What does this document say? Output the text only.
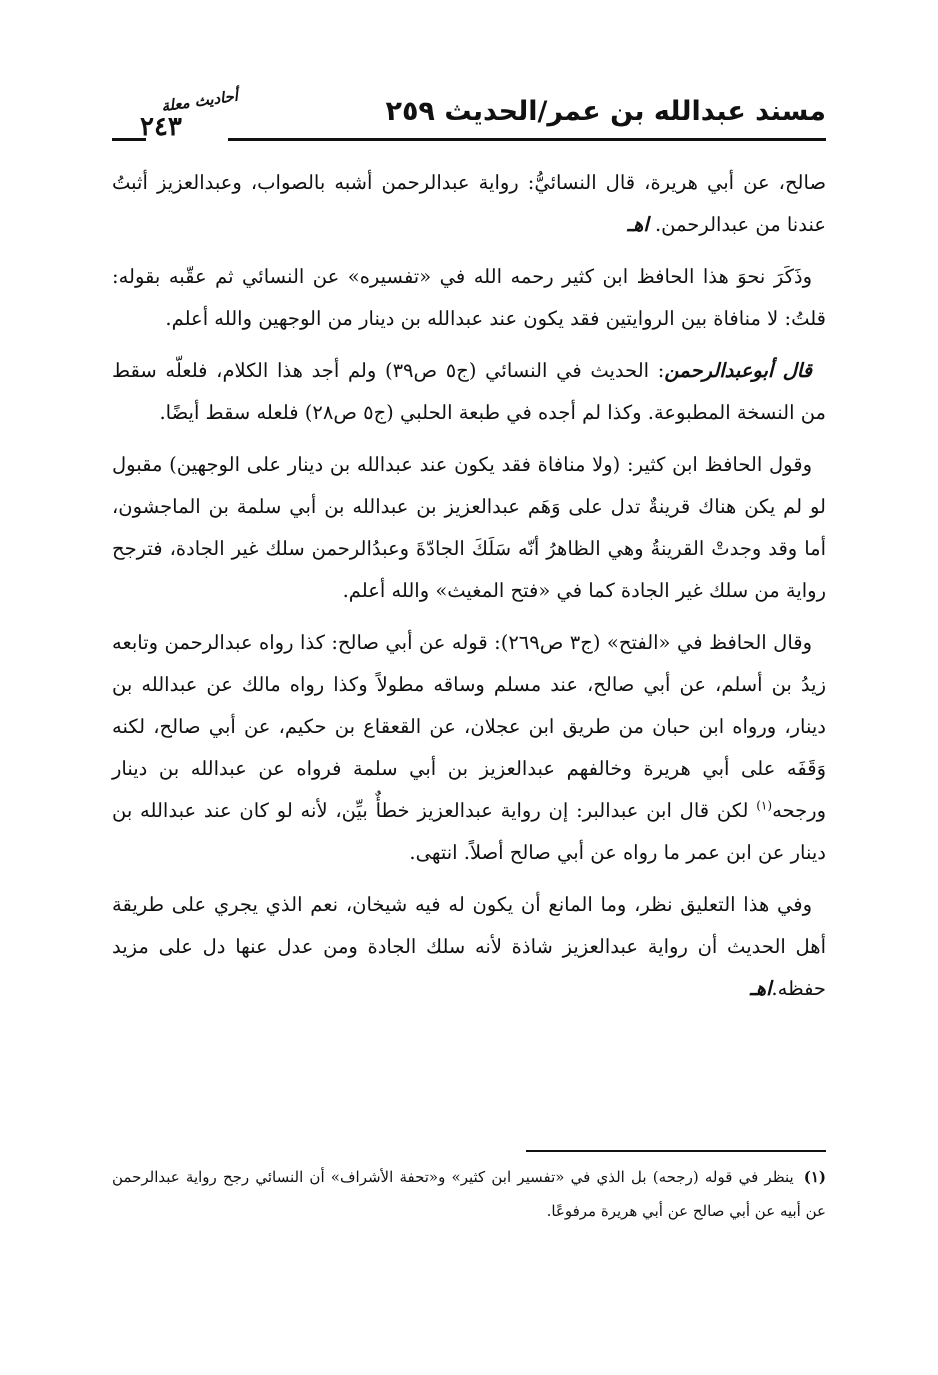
مسند عبدالله بن عمر/الحديث ٢٥٩
أحاديث معلة
٢٤٣

صالح، عن أبي هريرة، قال النسائيُّ: رواية عبدالرحمن أشبه بالصواب، وعبدالعزيز أثبتُ عندنا من عبدالرحمن. اهـ

وذَكَرَ نحوَ هذا الحافظ ابن كثير رحمه الله في «تفسيره» عن النسائي ثم عقّبه بقوله: قلتُ: لا منافاة بين الروايتين فقد يكون عند عبدالله بن دينار من الوجهين والله أعلم.

قال أبوعبدالرحمن: الحديث في النسائي (ج٥ ص٣٩) ولم أجد هذا الكلام، فلعلّه سقط من النسخة المطبوعة. وكذا لم أجده في طبعة الحلبي (ج٥ ص٢٨) فلعله سقط أيضًا.

وقول الحافظ ابن كثير: (ولا منافاة فقد يكون عند عبدالله بن دينار على الوجهين) مقبول لو لم يكن هناك قرينةٌ تدل على وَهَم عبدالعزيز بن عبدالله بن أبي سلمة بن الماجشون، أما وقد وجدتْ القرينةُ وهي الظاهرُ أنّه سَلَكَ الجادّةَ وعبدُالرحمن سلك غير الجادة، فترجح رواية من سلك غير الجادة كما في «فتح المغيث» والله أعلم.

وقال الحافظ في «الفتح» (ج٣ ص٢٦٩): قوله عن أبي صالح: كذا رواه عبدالرحمن وتابعه زيدُ بن أسلم، عن أبي صالح، عند مسلم وساقه مطولاً وكذا رواه مالك عن عبدالله بن دينار، ورواه ابن حبان من طريق ابن عجلان، عن القعقاع بن حكيم، عن أبي صالح، لكنه وَقَفَه على أبي هريرة وخالفهم عبدالعزيز بن أبي سلمة فرواه عن عبدالله بن دينار ورجحه$^{(١)}$ لكن قال ابن عبدالبر: إن رواية عبدالعزيز خطأٌ بيِّن، لأنه لو كان عند عبدالله بن دينار عن ابن عمر ما رواه عن أبي صالح أصلاً. انتهى.

وفي هذا التعليق نظر، وما المانع أن يكون له فيه شيخان، نعم الذي يجري على طريقة أهل الحديث أن رواية عبدالعزيز شاذة لأنه سلك الجادة ومن عدل عنها دل على مزيد حفظه.اهـ

(١)ينظر في قوله (رجحه) بل الذي في «تفسير ابن كثير» و«تحفة الأشراف» أن النسائي رجح رواية عبدالرحمن عن أبيه عن أبي صالح عن أبي هريرة مرفوعًا.
